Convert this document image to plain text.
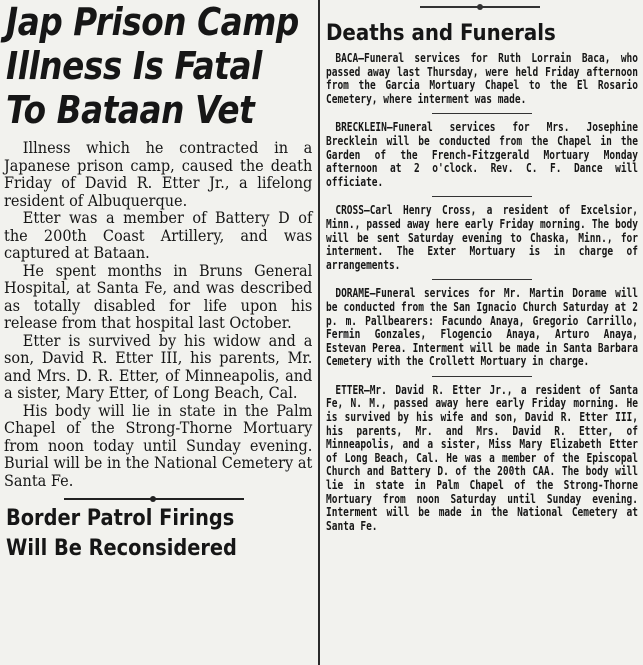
Jap Prison Camp
Illness Is Fatal
To Bataan Vet

Illness which he contracted in a Japanese prison camp, caused the death Friday of David R. Etter Jr., a lifelong resident of Albuquerque.

Etter was a member of Battery D of the 200th Coast Artillery, and was captured at Bataan.

He spent months in Bruns General Hospital, at Santa Fe, and was described as totally disabled for life upon his release from that hospital last October.

Etter is survived by his widow and a son, David R. Etter III, his parents, Mr. and Mrs. D. R. Etter, of Minneapolis, and a sister, Mary Etter, of Long Beach, Cal.

His body will lie in state in the Palm Chapel of the Strong-Thorne Mortuary from noon today until Sunday evening. Burial will be in the National Cemetery at Santa Fe.

Border Patrol Firings
Will Be Reconsidered
Deaths and Funerals

BACA—Funeral services for Ruth Lorrain Baca, who passed away last Thursday, were held Friday afternoon from the Garcia Mortuary Chapel to the El Rosario Cemetery, where interment was made.

BRECKLEIN—Funeral services for Mrs. Josephine Brecklein will be conducted from the Chapel in the Garden of the French-Fitzgerald Mortuary Monday afternoon at 2 o'clock. Rev. C. F. Dance will officiate.

CROSS—Carl Henry Cross, a resident of Excelsior, Minn., passed away here early Friday morning. The body will be sent Saturday evening to Chaska, Minn., for interment. The Exter Mortuary is in charge of arrangements.

DORAME—Funeral services for Mr. Martin Dorame will be conducted from the San Ignacio Church Saturday at 2 p. m. Pallbearers: Facundo Anaya, Gregorio Carrillo, Fermin Gonzales, Flogencio Anaya, Arturo Anaya, Estevan Perea. Interment will be made in Santa Barbara Cemetery with the Crollett Mortuary in charge.

ETTER—Mr. David R. Etter Jr., a resident of Santa Fe, N. M., passed away here early Friday morning. He is survived by his wife and son, David R. Etter III, his parents, Mr. and Mrs. David R. Etter, of Minneapolis, and a sister, Miss Mary Elizabeth Etter of Long Beach, Cal. He was a member of the Episcopal Church and Battery D. of the 200th CAA. The body will lie in state in Palm Chapel of the Strong-Thorne Mortuary from noon Saturday until Sunday evening. Interment will be made in the National Cemetery at Santa Fe.
